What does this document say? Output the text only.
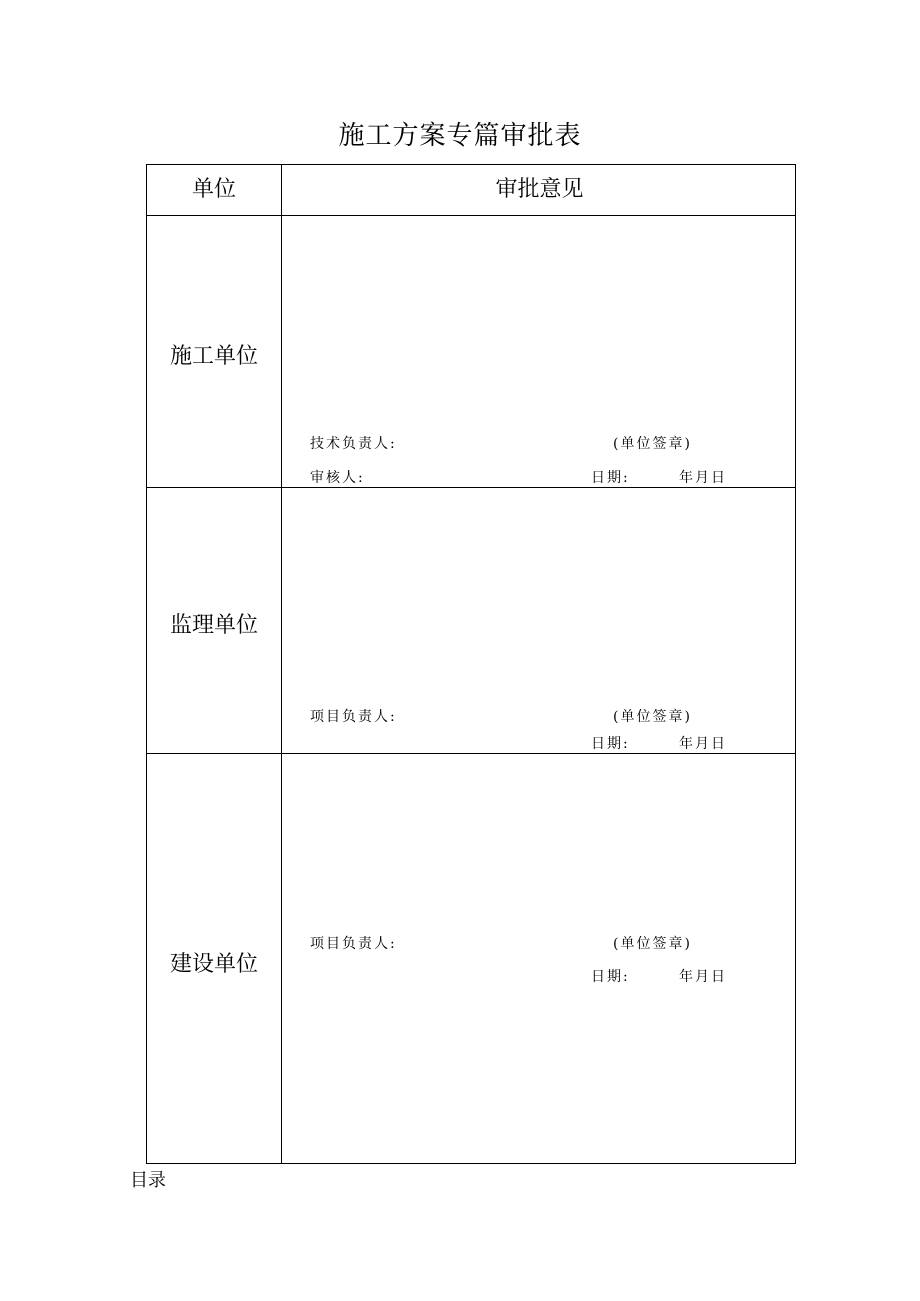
施工方案专篇审批表
单位	审批意见
施工单位
技术负责人:	(单位签章)
审核人:	日期:	年月日
监理单位
项目负责人:	(单位签章)
日期:	年月日
建设单位
项目负责人:	(单位签章)
日期:	年月日
目录
